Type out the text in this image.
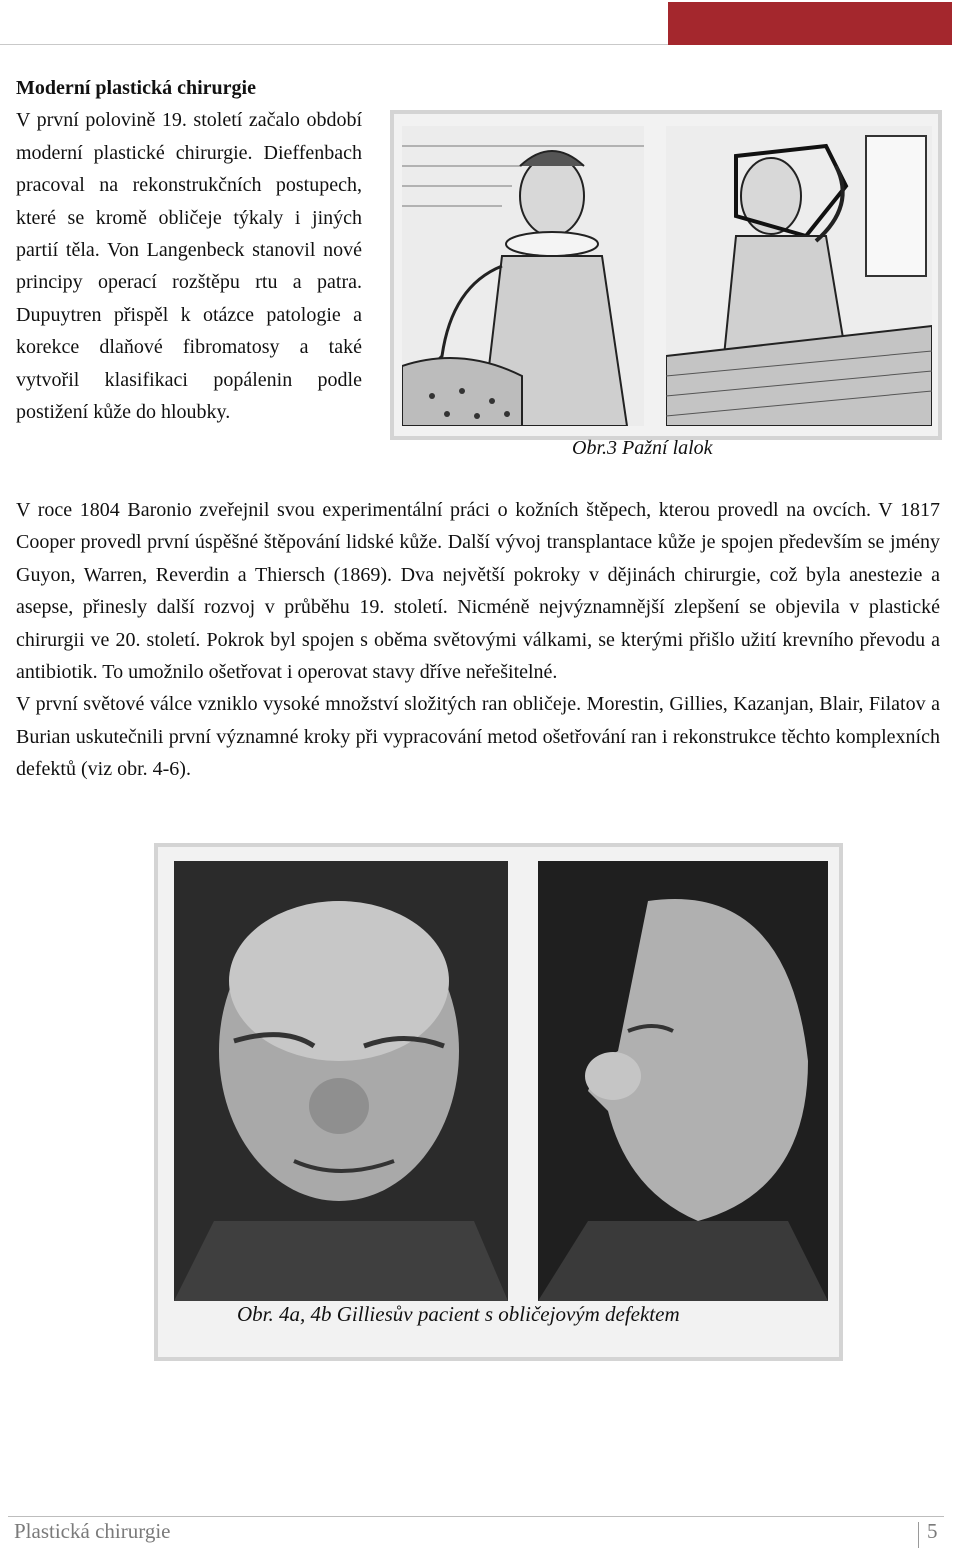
Moderní plastická chirurgie
V první polovině 19. století začalo období moderní plastické chirurgie. Dieffenbach pracoval na rekonstrukčních postupech, které se kromě obličeje týkaly i jiných partií těla. Von Langenbeck stanovil nové principy operací rozštěpu rtu a patra. Dupuytren přispěl k otázce patologie a korekce dlaňové fibromatosy a také vytvořil klasifikaci popálenin podle postižení kůže do hloubky.
Obr.3 Pažní lalok

V roce 1804 Baronio zveřejnil svou experimentální práci o kožních štěpech, kterou provedl na ovcích. V 1817 Cooper provedl první úspěšné štěpování lidské kůže. Další vývoj transplantace kůže je spojen především se jmény Guyon, Warren, Reverdin a Thiersch (1869). Dva největší pokroky v dějinách chirurgie, což byla anestezie a asepse, přinesly další rozvoj v průběhu 19. století. Nicméně nejvýznamnější zlepšení se objevila v plastické chirurgii ve 20. století. Pokrok byl spojen s oběma světovými válkami, se kterými přišlo užití krevního převodu a antibiotik. To umožnilo ošetřovat i operovat stavy dříve neřešitelné.

V první světové válce vzniklo vysoké množství složitých ran obličeje. Morestin, Gillies, Kazanjan, Blair, Filatov a Burian uskutečnili první významné kroky při vypracování metod ošetřování ran i rekonstrukce těchto komplexních defektů (viz obr. 4-6).

Obr. 4a, 4b Gilliesův pacient s obličejovým defektem
Plastická chirurgie	5
